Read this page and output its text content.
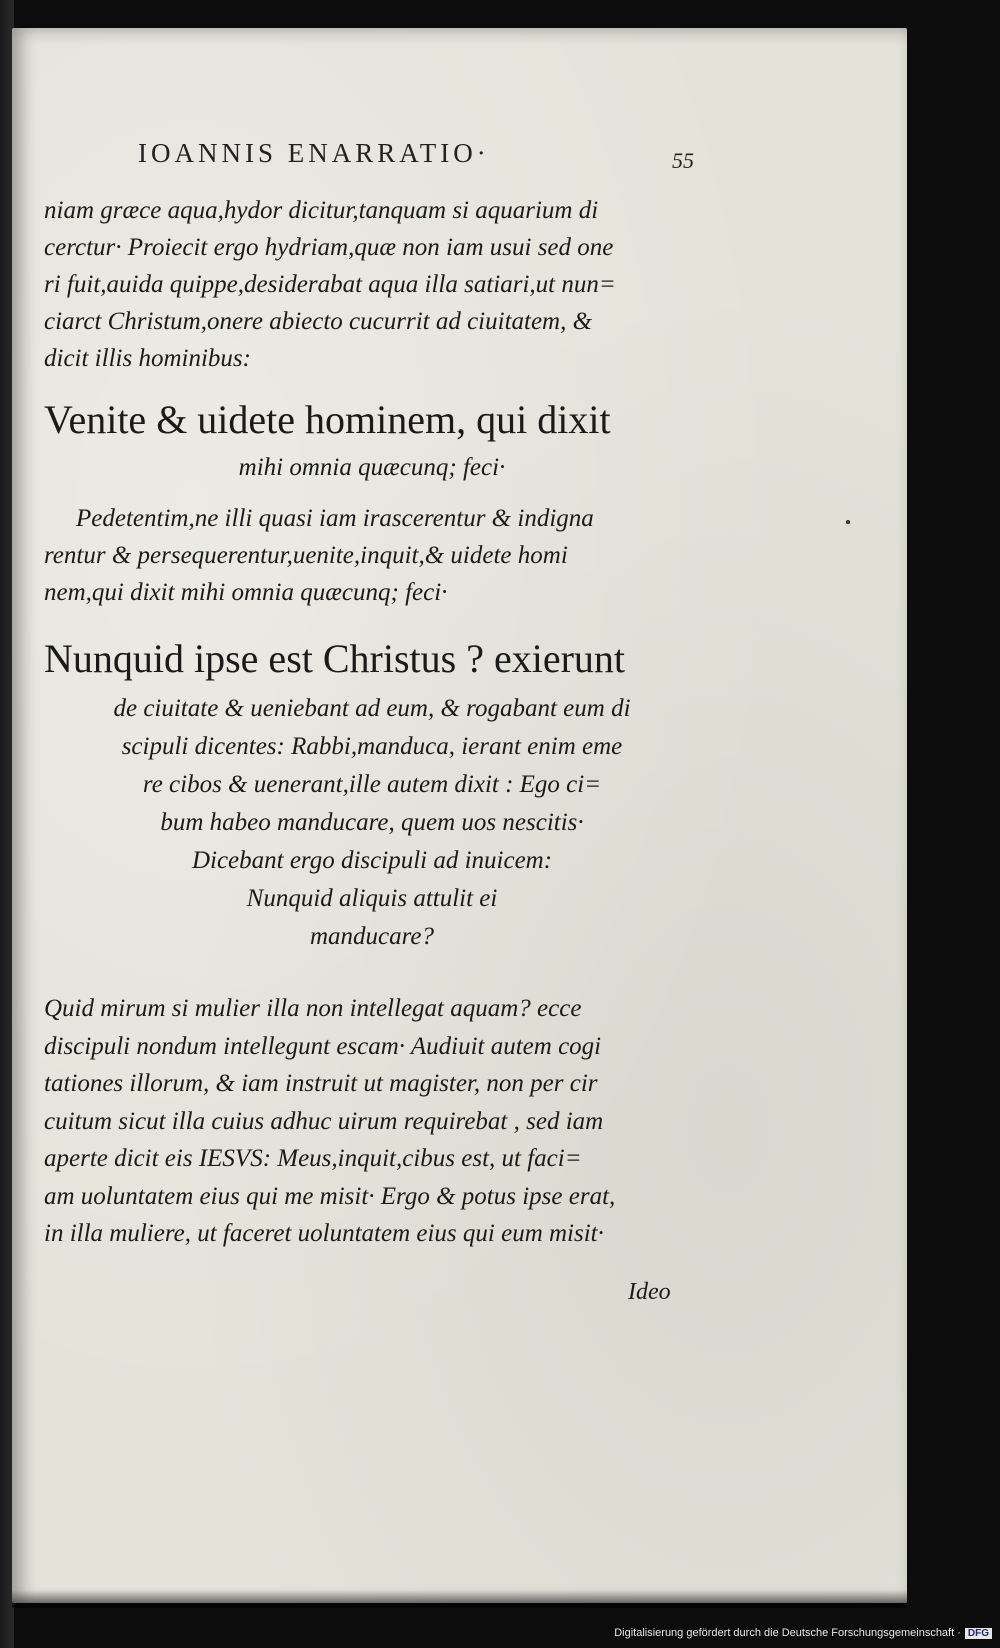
IOANNIS ENARRATIO·	55
niam græce aqua,hydor dicitur,tanquam si aquarium di
cerctur· Proiecit ergo hydriam,quæ non iam usui sed one
ri fuit,auida quippe,desiderabat aqua illa satiari,ut nun=
ciarct Christum,onere abiecto cucurrit ad ciuitatem, &
dicit illis hominibus:
Venite & uidete hominem, qui dixit
mihi omnia quæcunq; feci·
Pedetentim,ne illi quasi iam irascerentur & indigna
rentur & persequerentur,uenite,inquit,& uidete homi
nem,qui dixit mihi omnia quæcunq; feci·
Nunquid ipse est Christus ? exierunt
de ciuitate & ueniebant ad eum, & rogabant eum di
scipuli dicentes: Rabbi,manduca, ierant enim eme
re cibos & uenerant,ille autem dixit : Ego ci=
bum habeo manducare, quem uos nescitis·
Dicebant ergo discipuli ad inuicem:
Nunquid aliquis attulit ei
manducare?
Quid mirum si mulier illa non intellegat aquam? ecce
discipuli nondum intellegunt escam· Audiuit autem cogi
tationes illorum, & iam instruit ut magister, non per cir
cuitum sicut illa cuius adhuc uirum requirebat , sed iam
aperte dicit eis IESVS: Meus,inquit,cibus est, ut faci=
am uoluntatem eius qui me misit· Ergo & potus ipse erat,
in illa muliere, ut faceret uoluntatem eius qui eum misit·
Ideo
Digitalisierung gefördert durch die Deutsche Forschungsgemeinschaft · DFG
